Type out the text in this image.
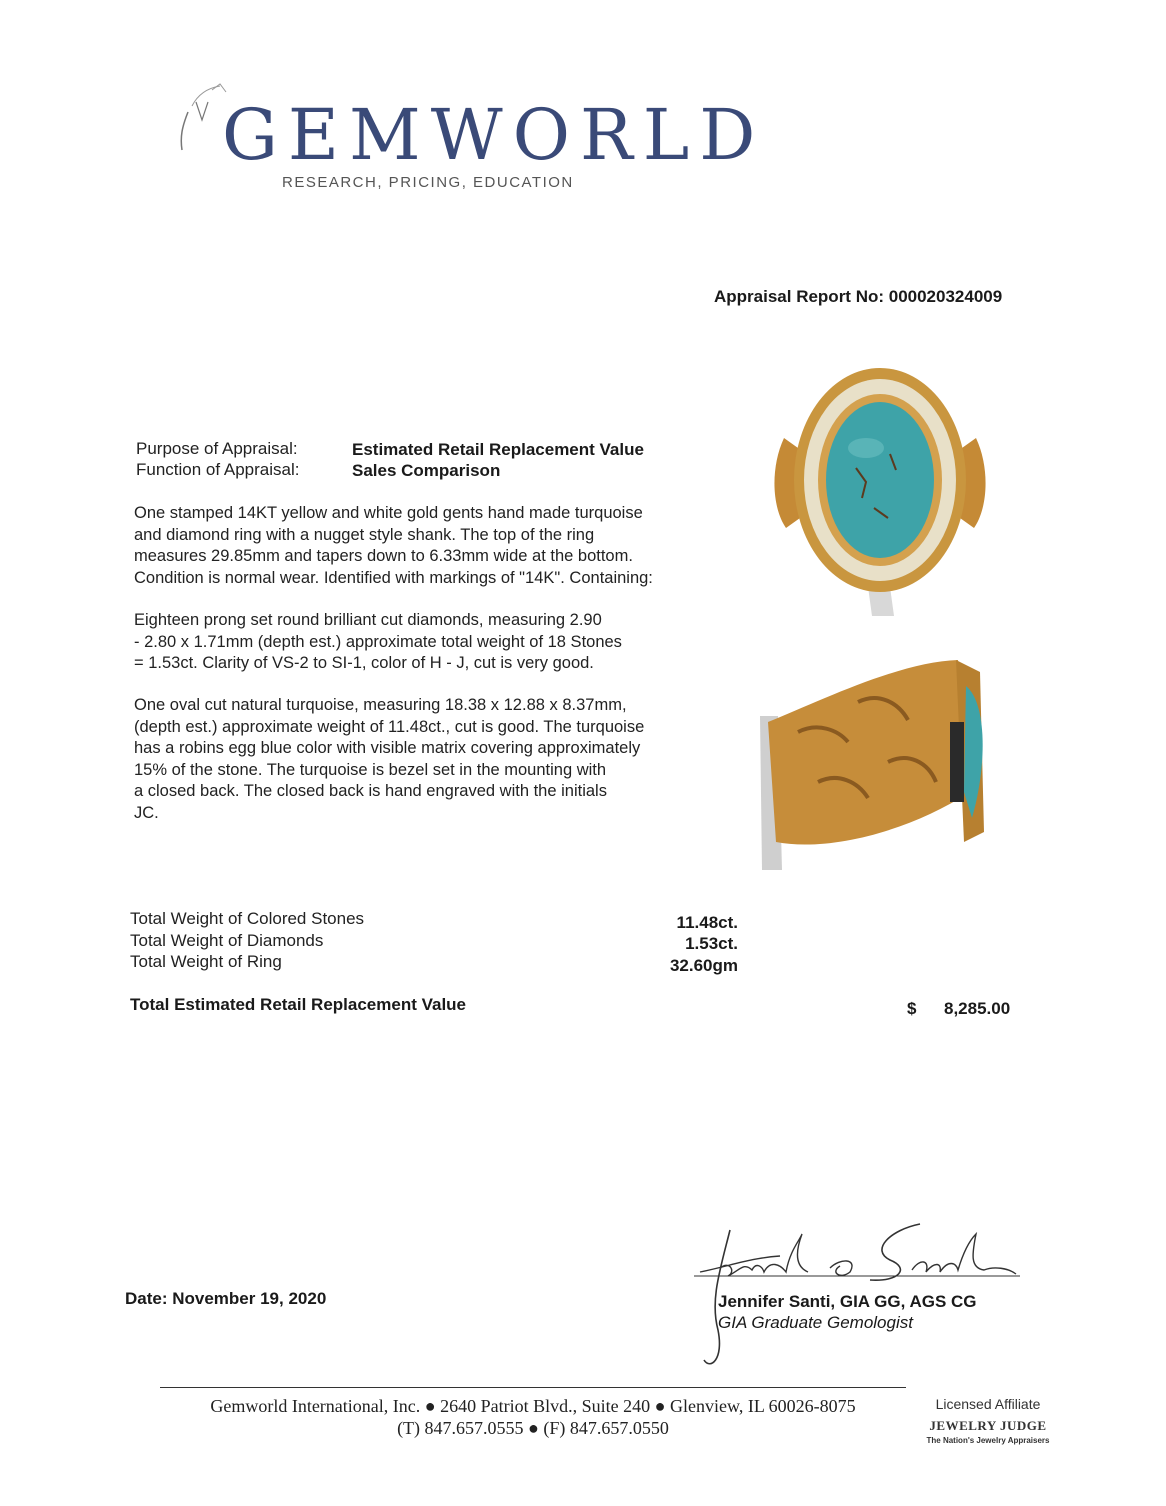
GEMWORLD
RESEARCH, PRICING, EDUCATION
Appraisal Report No: 000020324009
Purpose of Appraisal:	Estimated Retail Replacement Value
Function of Appraisal:	Sales Comparison
One stamped 14KT yellow and white gold gents hand made turquoise
and diamond ring with a nugget style shank. The top of the ring
measures 29.85mm and tapers down to 6.33mm wide at the bottom.
Condition is normal wear. Identified with markings of "14K". Containing:
Eighteen prong set round brilliant cut diamonds, measuring 2.90
- 2.80 x 1.71mm (depth est.) approximate total weight of 18 Stones
= 1.53ct. Clarity of VS-2 to SI-1, color of H - J, cut is very good.
One oval cut natural turquoise, measuring 18.38 x 12.88 x 8.37mm,
(depth est.) approximate weight of 11.48ct., cut is good. The turquoise
has a robins egg blue color with visible matrix covering approximately
15% of the stone. The turquoise is bezel set in the mounting with
a closed back. The closed back is hand engraved with the initials
JC.
Total Weight of Colored Stones	11.48ct.
Total Weight of Diamonds	1.53ct.
Total Weight of Ring	32.60gm
Total Estimated Retail Replacement Value	$ 8,285.00
Date: November 19, 2020	Jennifer Santi, GIA GG, AGS CG
GIA Graduate Gemologist
Gemworld International, Inc. ● 2640 Patriot Blvd., Suite 240 ● Glenview, IL 60026-8075
(T) 847.657.0555 ● (F) 847.657.0550
Licensed Affiliate
JEWELRY JUDGE
The Nation's Jewelry Appraisers
